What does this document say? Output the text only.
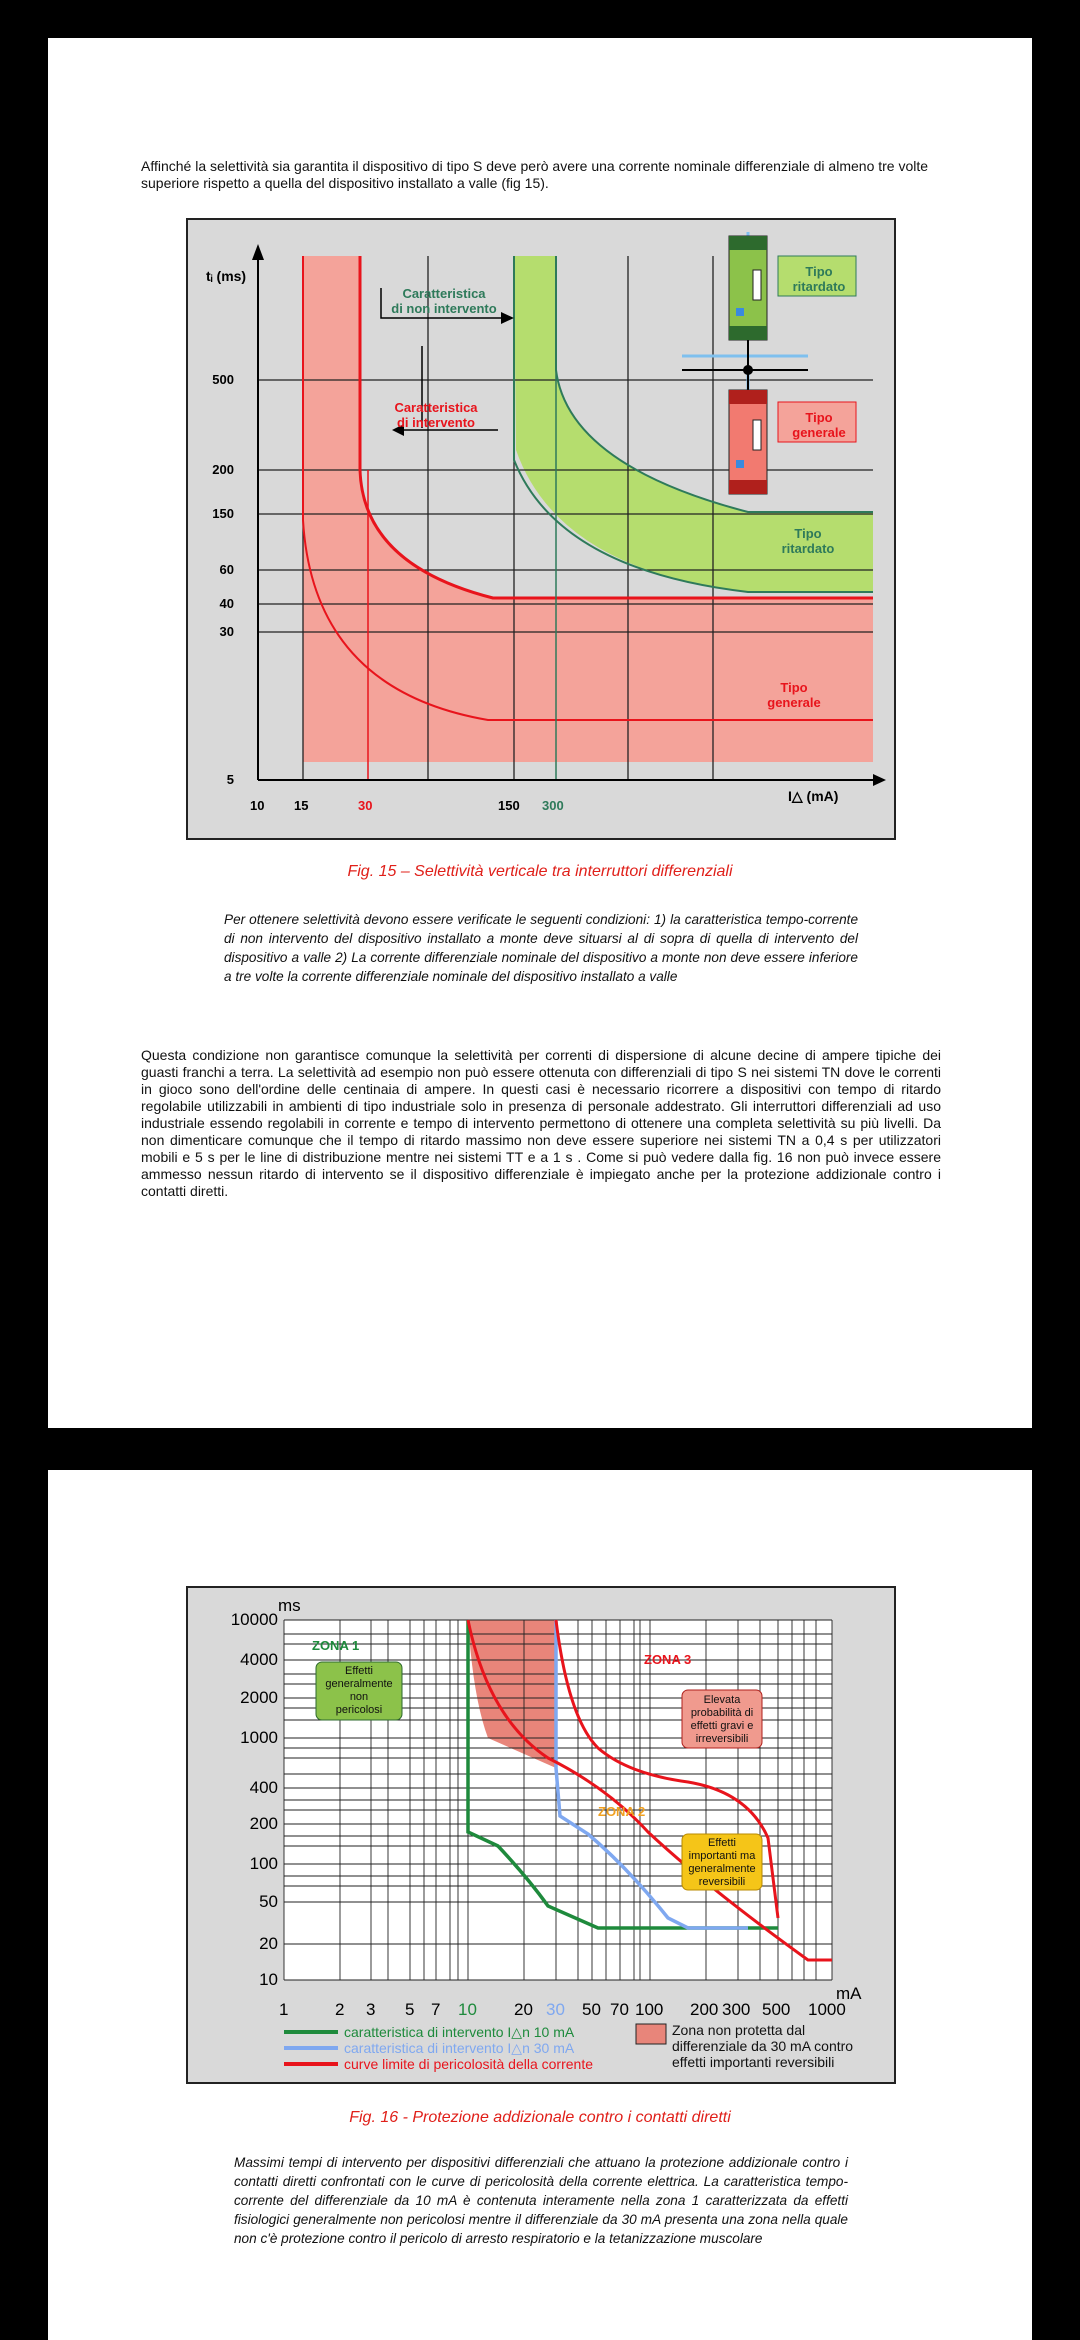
Affinché la selettività sia garantita il dispositivo di tipo S deve però avere una corrente nominale differenziale di almeno tre volte superiore rispetto a quella del dispositivo installato a valle (fig 15).

tᵢ (ms)
I△ (mA)
500
200
150
60
40
30
5
10 15	30	150 300
Caratteristica
di non intervento
Caratteristica
di intervento
Tipo
ritardato
Tipo
generale
Tipo
ritardato
Tipo
generale
Fig. 15 – Selettività verticale tra interruttori differenziali

Per ottenere selettività devono essere verificate le seguenti condizioni: 1) la caratteristica tempo-corrente di non intervento del dispositivo installato a monte deve situarsi al di sopra di quella di intervento del dispositivo a valle 2) La corrente differenziale nominale del dispositivo a monte non deve essere inferiore a tre volte la corrente differenziale nominale del dispositivo installato a valle

Questa condizione non garantisce comunque la selettività per correnti di dispersione di alcune decine di ampere tipiche dei guasti franchi a terra. La selettività ad esempio non può essere ottenuta con differenziali di tipo S nei sistemi TN dove le correnti in gioco sono dell'ordine delle centinaia di ampere. In questi casi è necessario ricorrere a dispositivi con tempo di ritardo regolabile utilizzabili in ambienti di tipo industriale solo in presenza di personale addestrato. Gli interruttori differenziali ad uso industriale essendo regolabili in corrente e tempo di intervento permettono di ottenere una completa selettività su più livelli. Da non dimenticare comunque che il tempo di ritardo massimo non deve essere superiore nei sistemi TN a 0,4 s per utilizzatori mobili e 5 s per le line di distribuzione mentre nei sistemi TT e a 1 s . Come si può vedere dalla fig. 16 non può invece essere ammesso nessun ritardo di intervento se il dispositivo differenziale è impiegato anche per la protezione addizionale contro i contatti diretti.

ms
mA
10000
4000
2000
1000
400
200
100
50
20
10
1	2 3 5 7 10 20 30 50 70 100 200 300 500 1000
ZONA 1
Effetti
generalmente
non
pericolosi
ZONA 2
Effetti
importanti ma
generalmente
reversibili
ZONA 3
Elevata
probabilità di
effetti gravi e
irreversibili
caratteristica di intervento I△n 10 mA
caratteristica di intervento I△n 30 mA
curve limite di pericolosità della corrente
Zona non protetta dal
differenziale da 30 mA contro
effetti importanti reversibili
Fig. 16 - Protezione addizionale contro i contatti diretti

Massimi tempi di intervento per dispositivi differenziali che attuano la protezione addizionale contro i contatti diretti confrontati con le curve di pericolosità della corrente elettrica. La caratteristica tempo-corrente del differenziale da 10 mA è contenuta interamente nella zona 1 caratterizzata da effetti fisiologici generalmente non pericolosi mentre il differenziale da 30 mA presenta una zona nella quale non c'è protezione contro il pericolo di arresto respiratorio e la tetanizzazione muscolare
